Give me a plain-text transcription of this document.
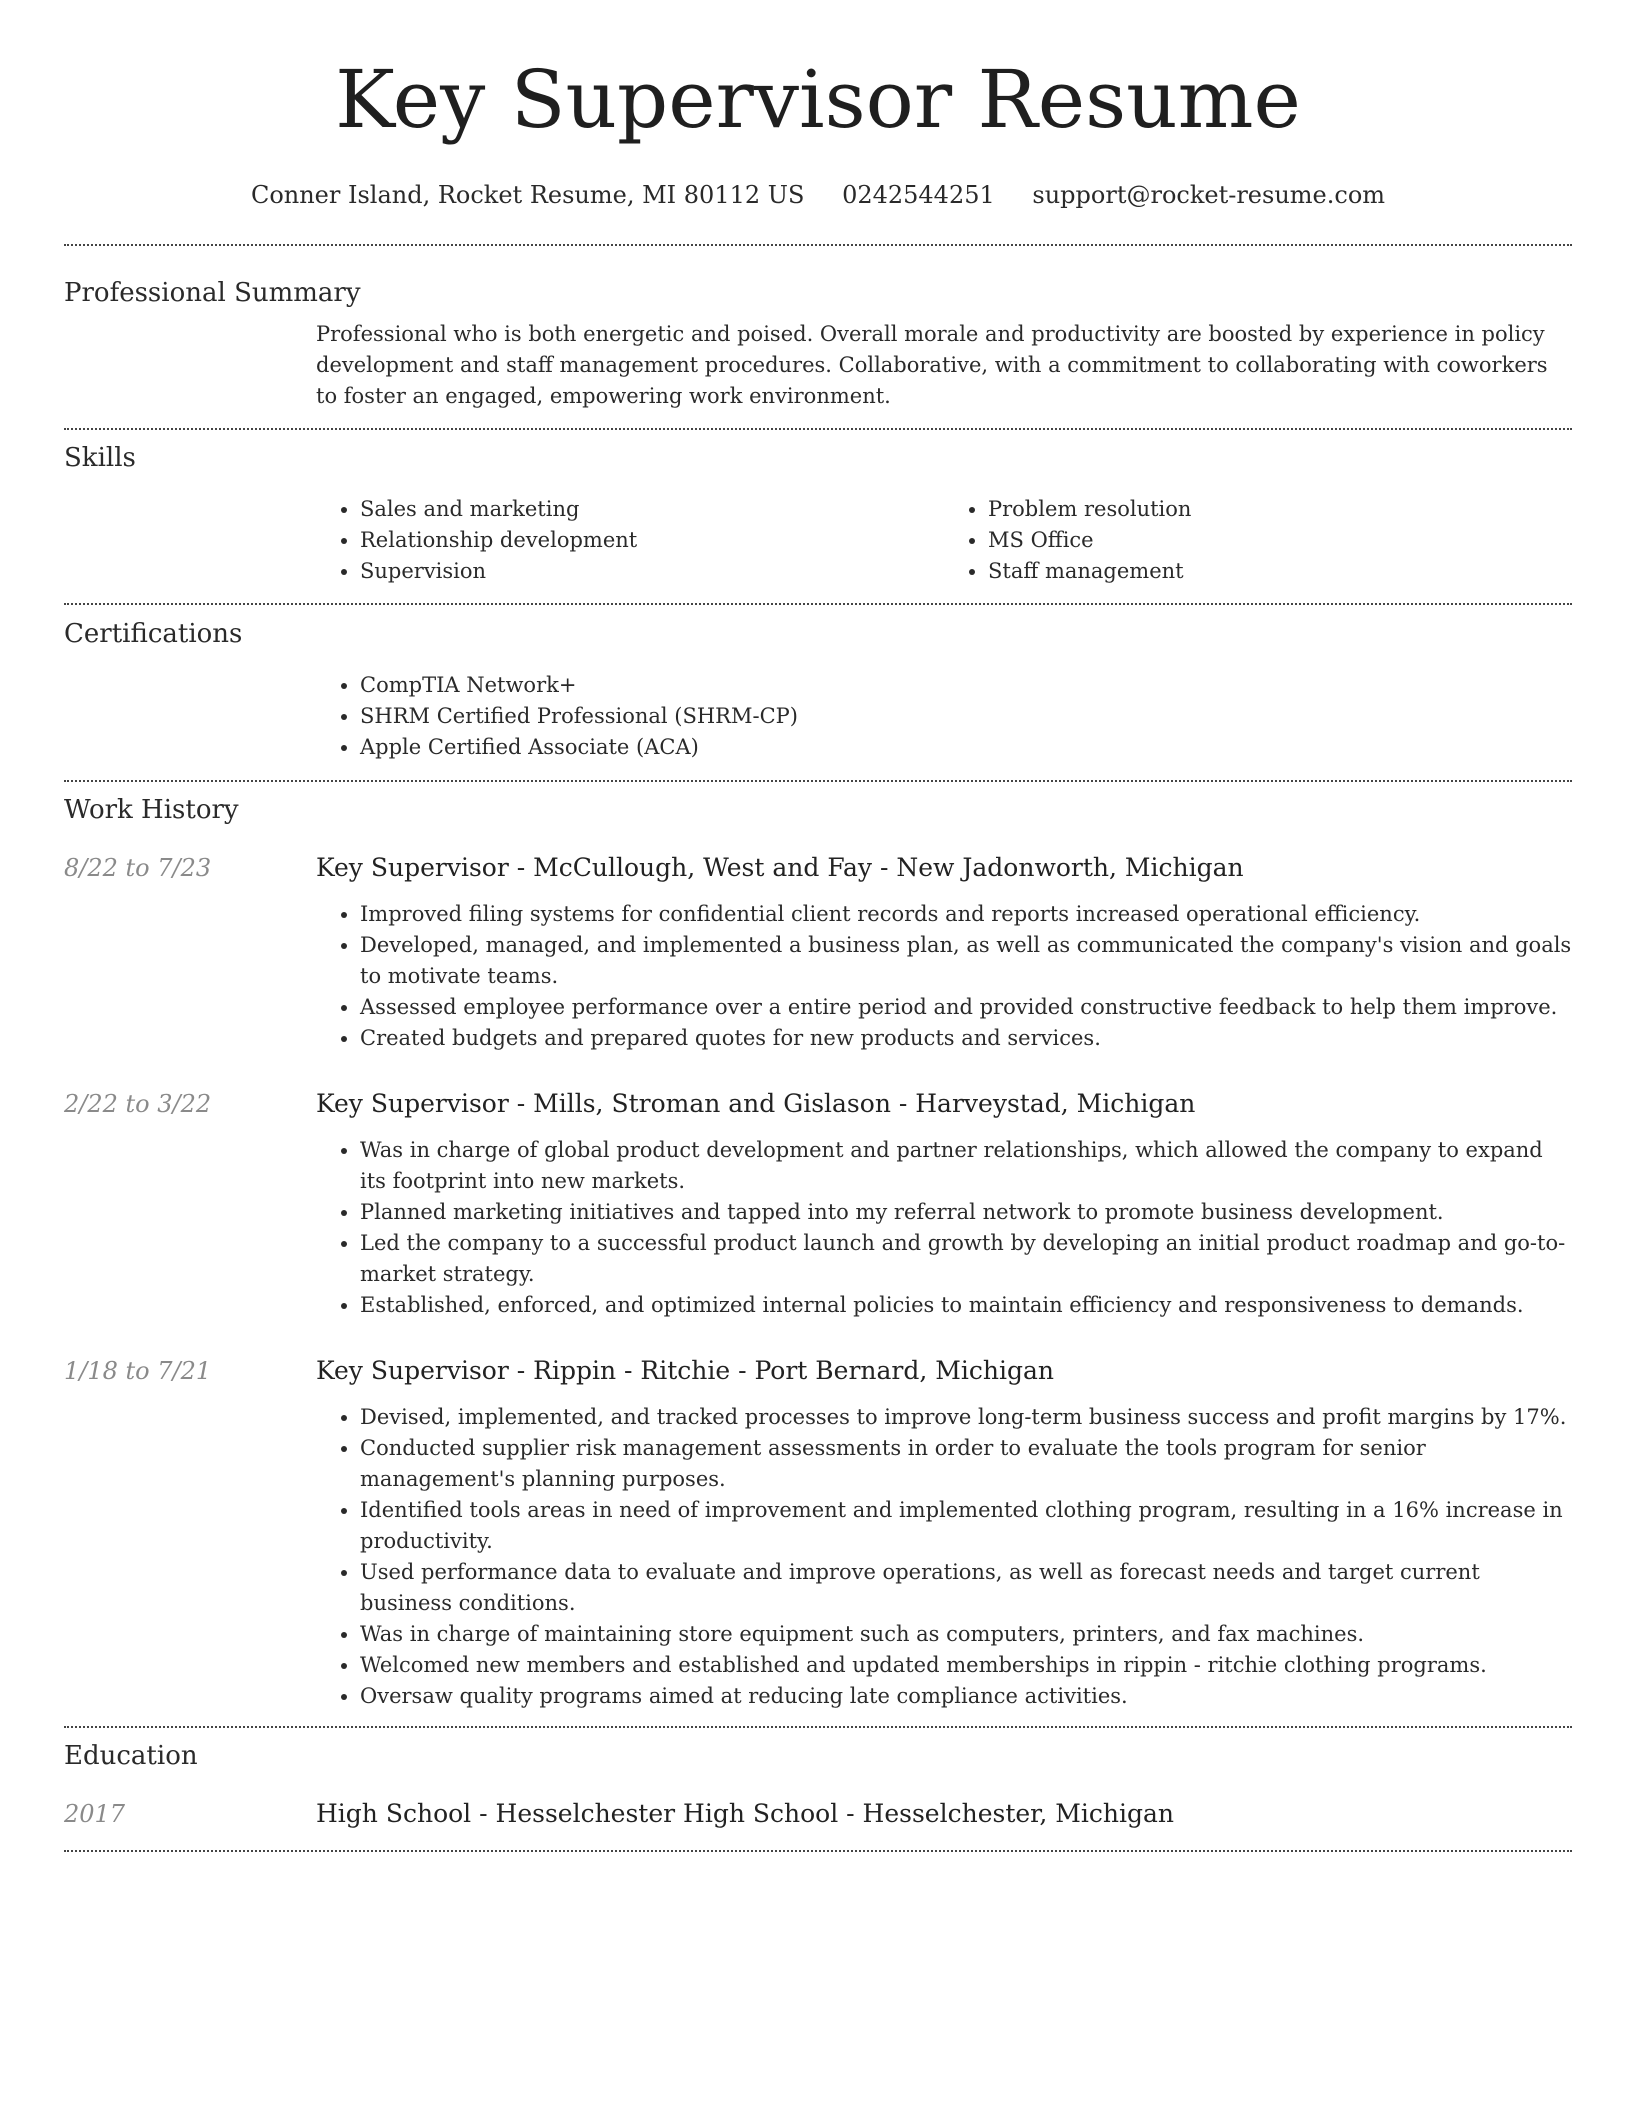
Key Supervisor Resume
Conner Island, Rocket Resume, MI 80112 US 0242544251 support@rocket-resume.com
Professional Summary
Professional who is both energetic and poised. Overall morale and productivity are boosted by experience in policy development and staff management procedures. Collaborative, with a commitment to collaborating with coworkers to foster an engaged, empowering work environment.
Skills
• Sales and marketing
• Relationship development
• Supervision
• Problem resolution
• MS Office
• Staff management
Certifications
• CompTIA Network+
• SHRM Certified Professional (SHRM-CP)
• Apple Certified Associate (ACA)
Work History
8/22 to 7/23	Key Supervisor - McCullough, West and Fay - New Jadonworth, Michigan
• Improved filing systems for confidential client records and reports increased operational efficiency.
• Developed, managed, and implemented a business plan, as well as communicated the company's vision and goals to motivate teams.
• Assessed employee performance over a entire period and provided constructive feedback to help them improve.
• Created budgets and prepared quotes for new products and services.
2/22 to 3/22	Key Supervisor - Mills, Stroman and Gislason - Harveystad, Michigan
• Was in charge of global product development and partner relationships, which allowed the company to expand its footprint into new markets.
• Planned marketing initiatives and tapped into my referral network to promote business development.
• Led the company to a successful product launch and growth by developing an initial product roadmap and go-to-market strategy.
• Established, enforced, and optimized internal policies to maintain efficiency and responsiveness to demands.
1/18 to 7/21	Key Supervisor - Rippin - Ritchie - Port Bernard, Michigan
• Devised, implemented, and tracked processes to improve long-term business success and profit margins by 17%.
• Conducted supplier risk management assessments in order to evaluate the tools program for senior management's planning purposes.
• Identified tools areas in need of improvement and implemented clothing program, resulting in a 16% increase in productivity.
• Used performance data to evaluate and improve operations, as well as forecast needs and target current business conditions.
• Was in charge of maintaining store equipment such as computers, printers, and fax machines.
• Welcomed new members and established and updated memberships in rippin - ritchie clothing programs.
• Oversaw quality programs aimed at reducing late compliance activities.
Education
2017	High School - Hesselchester High School - Hesselchester, Michigan
